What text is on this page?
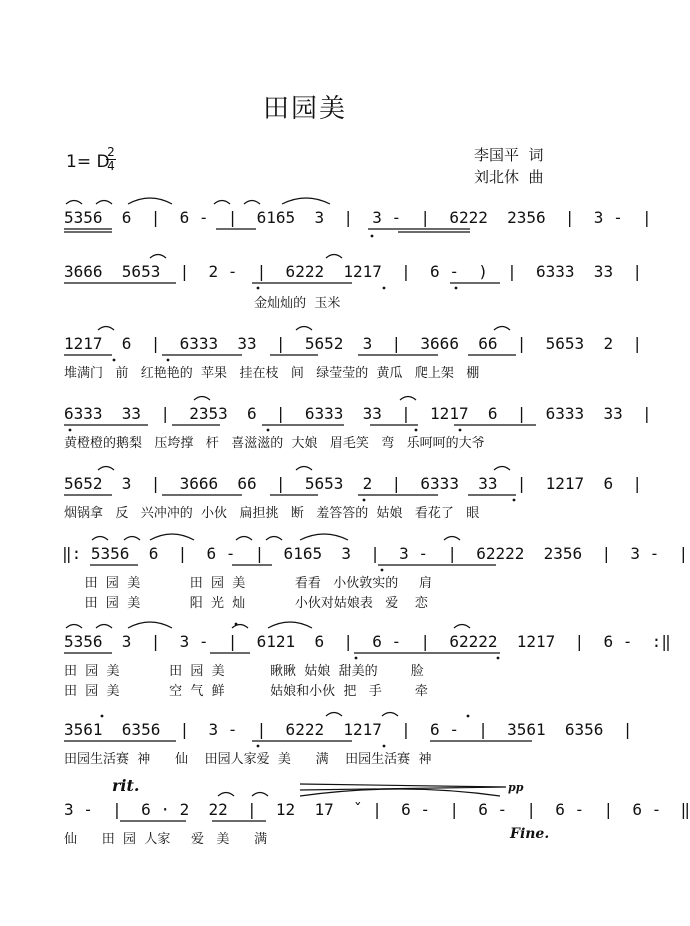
田园美
1= D
2
4
李国平  词
刘北休  曲
5356  6  |  6 -  |  6165  3  |  3 -  |  6222  2356  |  3 -  |
3666  5653  |  2 -  |  6222  1217  |  6 -  )  |  6333  33  |
金灿灿的  玉米
1217  6  |  6333  33  |  5652  3  |  3666  66  |  5653  2  |
堆满门   前   红艳艳的  苹果   挂在枝   间   绿莹莹的  黄瓜   爬上架   棚
6333  33  |  2353  6  |  6333  33  |  1217  6  |  6333  33  |
黄橙橙的鹅梨   压垮撑   杆   喜滋滋的  大娘   眉毛笑   弯   乐呵呵的大爷
5652  3  |  3666  66  |  5653  2  |  6333  33  |  1217  6  |
烟锅拿   反   兴冲冲的  小伙   扁担挑   断   羞答答的  姑娘   看花了   眼
‖: 5356  6  |  6 -  |  6165  3  |  3 -  |  62222  2356  |  3 -  |
田  园  美            田  园  美            看看   小伙敦实的     肩
田  园  美            阳  光  灿            小伙对姑娘表   爱    恋
5356  3  |  3 -  |  6121  6  |  6 -  |  62222  1217  |  6 -  :‖
田  园  美            田  园  美           瞅瞅  姑娘  甜美的        脸
田  园  美            空  气  鲜           姑娘和小伙  把   手        牵
3561  6356  |  3 -  |  6222  1217  |  6 -  |  3561  6356  |
田园生活赛  神      仙    田园人家爱  美      满    田园生活赛  神
rit.	pp
3 -  |  6 · 2  22  |  12  17  ˇ |  6 -  |  6 -  |  6 -  |  6 -  ‖
仙      田  园  人家     爱   美      满	Fine.
